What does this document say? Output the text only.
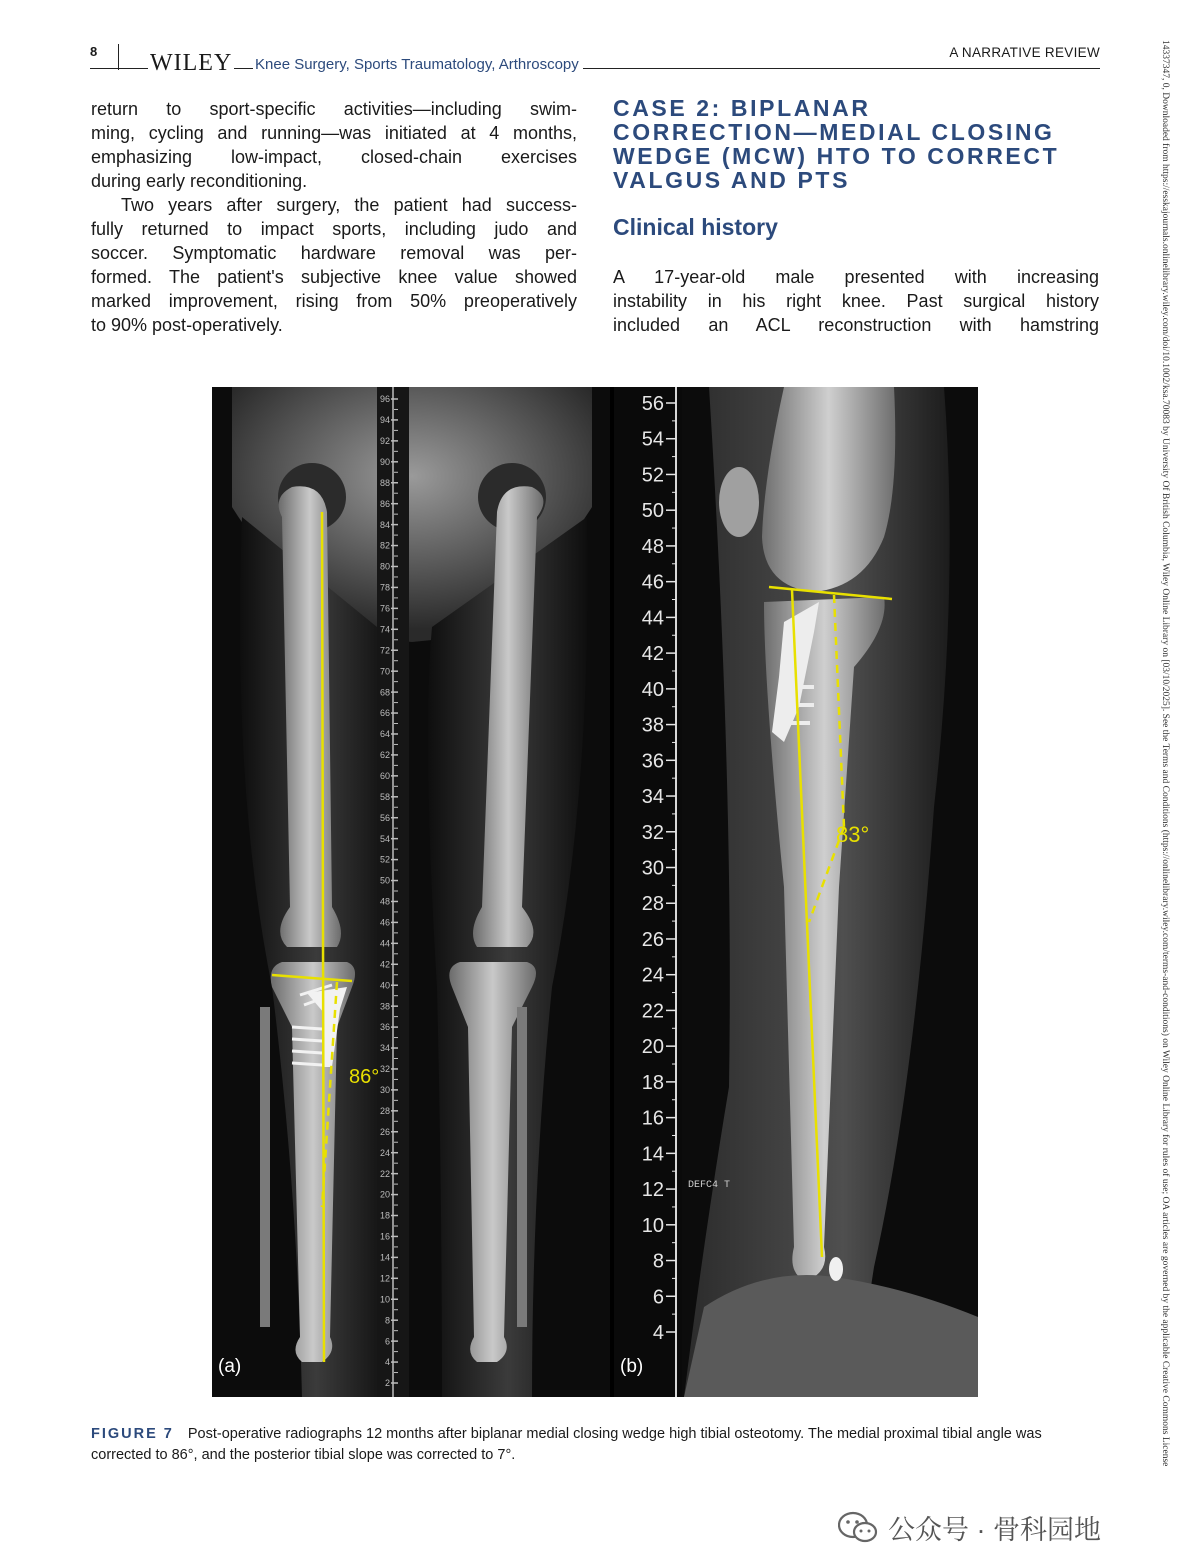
8 WILEY Knee Surgery, Sports Traumatology, Arthroscopy
A NARRATIVE REVIEW

return to sport-specific activities—including swim-
ming, cycling and running—was initiated at 4 months,
emphasizing low-impact, closed-chain exercises
during early reconditioning.

Two years after surgery, the patient had success-
fully returned to impact sports, including judo and
soccer. Symptomatic hardware removal was per-
formed. The patient's subjective knee value showed
marked improvement, rising from 50% preoperatively
to 90% post-operatively.

CASE 2: BIPLANAR
CORRECTION—MEDIAL CLOSING
WEDGE (MCW) HTO TO CORRECT
VALGUS AND PTS
Clinical history
A 17-year-old male presented with increasing
instability in his right knee. Past surgical history
included an ACL reconstruction with hamstring
96
94
92
90
88
86
84
82
80
78
76
74
72
70
68
66
64
62
60
58
56
54
52
50
48
46
44
42
40
38
36
34
32
30
28
26
24
22
20
18
16
14
12
10
8
6
4
2
86°
(a)
56
54
52
50
48
46
44
42
40
38
36
34
32
30
28
26
24
22
20
18
16
14
12
10
8
6
4
DEFC4 T
83°
(b)
FIGURE 7 Post-operative radiographs 12 months after biplanar medial closing wedge high tibial osteotomy. The medial proximal tibial angle was corrected to 86°, and the posterior tibial slope was corrected to 7°.	14337347, 0, Downloaded from https://esskajournals.onlinelibrary.wiley.com/doi/10.1002/ksa.70083 by University Of British Columbia, Wiley Online Library on [03/10/2025]. See the Terms and Conditions (https://onlinelibrary.wiley.com/terms-and-conditions) on Wiley Online Library for rules of use; OA articles are governed by the applicable Creative Commons License
公众号 · 骨科园地
